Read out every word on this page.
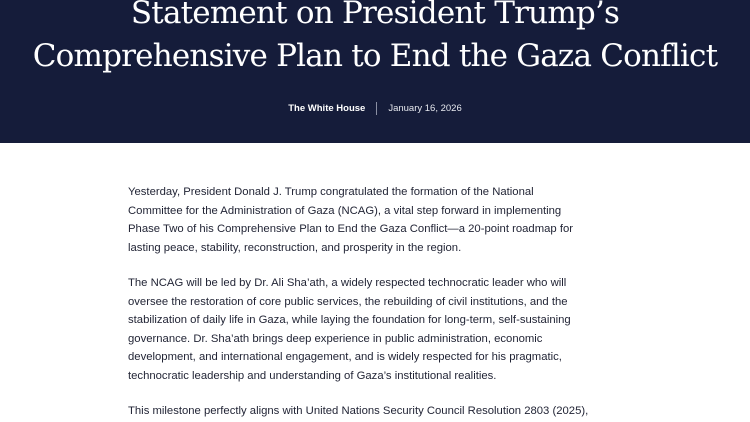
Statement on President Trump’s
Comprehensive Plan to End the Gaza Conflict
The White House January 16, 2026

Yesterday, President Donald J. Trump congratulated the formation of the National
Committee for the Administration of Gaza (NCAG), a vital step forward in implementing
Phase Two of his Comprehensive Plan to End the Gaza Conflict—a 20-point roadmap for
lasting peace, stability, reconstruction, and prosperity in the region.

The NCAG will be led by Dr. Ali Sha’ath, a widely respected technocratic leader who will
oversee the restoration of core public services, the rebuilding of civil institutions, and the
stabilization of daily life in Gaza, while laying the foundation for long-term, self-sustaining
governance. Dr. Sha’ath brings deep experience in public administration, economic
development, and international engagement, and is widely respected for his pragmatic,
technocratic leadership and understanding of Gaza’s institutional realities.

This milestone perfectly aligns with United Nations Security Council Resolution 2803 (2025),
